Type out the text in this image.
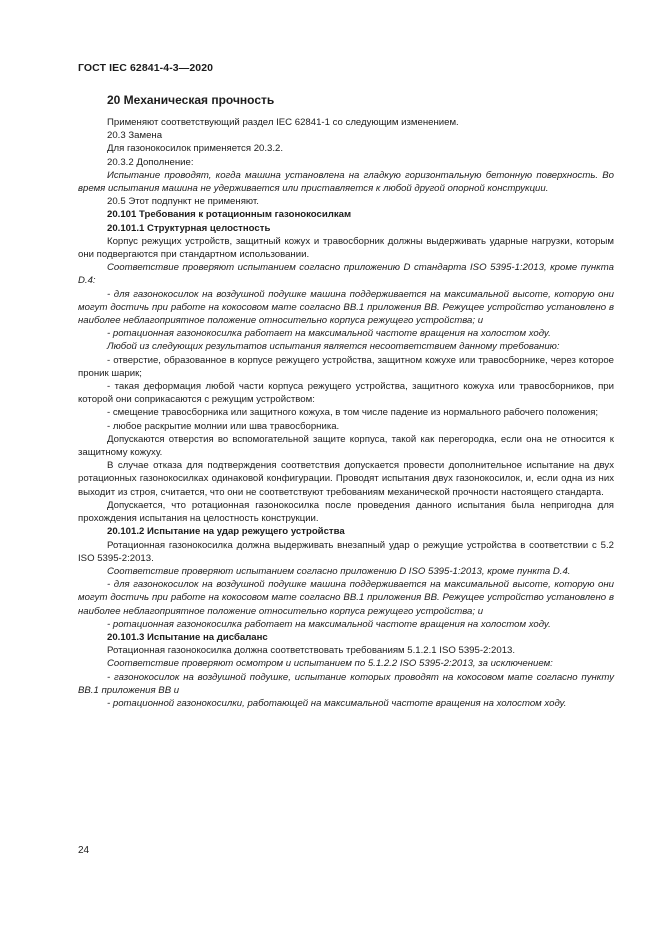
ГОСТ IEC 62841-4-3—2020
20 Механическая прочность

Применяют соответствующий раздел IEC 62841-1 со следующим изменением.

20.3 Замена

Для газонокосилок применяется 20.3.2.

20.3.2 Дополнение:

Испытание проводят, когда машина установлена на гладкую горизонтальную бетонную поверхность. Во время испытания машина не удерживается или приставляется к любой другой опорной конструкции.

20.5 Этот подпункт не применяют.

20.101 Требования к ротационным газонокосилкам

20.101.1 Структурная целостность

Корпус режущих устройств, защитный кожух и травосборник должны выдерживать ударные нагрузки, которым они подвергаются при стандартном использовании.

Соответствие проверяют испытанием согласно приложению D стандарта ISO 5395-1:2013, кроме пункта D.4:

- для газонокосилок на воздушной подушке машина поддерживается на максимальной высоте, которую они могут достичь при работе на кокосовом мате согласно BB.1 приложения BB. Режущее устройство установлено в наиболее неблагоприятное положение относительно корпуса режущего устройства; и

- ротационная газонокосилка работает на максимальной частоте вращения на холостом ходу.

Любой из следующих результатов испытания является несоответствием данному требованию:

- отверстие, образованное в корпусе режущего устройства, защитном кожухе или травосборнике, через которое проник шарик;

- такая деформация любой части корпуса режущего устройства, защитного кожуха или травосборников, при которой они соприкасаются с режущим устройством:

- смещение травосборника или защитного кожуха, в том числе падение из нормального рабочего положения;

- любое раскрытие молнии или шва травосборника.

Допускаются отверстия во вспомогательной защите корпуса, такой как перегородка, если она не относится к защитному кожуху.

В случае отказа для подтверждения соответствия допускается провести дополнительное испытание на двух ротационных газонокосилках одинаковой конфигурации. Проводят испытания двух газонокосилок, и, если одна из них выходит из строя, считается, что они не соответствуют требованиям механической прочности настоящего стандарта.

Допускается, что ротационная газонокосилка после проведения данного испытания была непригодна для прохождения испытания на целостность конструкции.

20.101.2 Испытание на удар режущего устройства

Ротационная газонокосилка должна выдерживать внезапный удар о режущие устройства в соответствии с 5.2 ISO 5395-2:2013.

Соответствие проверяют испытанием согласно приложению D ISO 5395-1:2013, кроме пункта D.4.

- для газонокосилок на воздушной подушке машина поддерживается на максимальной высоте, которую они могут достичь при работе на кокосовом мате согласно BB.1 приложения BB. Режущее устройство установлено в наиболее неблагоприятное положение относительно корпуса режущего устройства; и

- ротационная газонокосилка работает на максимальной частоте вращения на холостом ходу.

20.101.3 Испытание на дисбаланс

Ротационная газонокосилка должна соответствовать требованиям 5.1.2.1 ISO 5395-2:2013.

Соответствие проверяют осмотром и испытанием по 5.1.2.2 ISO 5395-2:2013, за исключением:

- газонокосилок на воздушной подушке, испытание которых проводят на кокосовом мате согласно пункту BB.1 приложения BB и

- ротационной газонокосилки, работающей на максимальной частоте вращения на холостом ходу.

24
